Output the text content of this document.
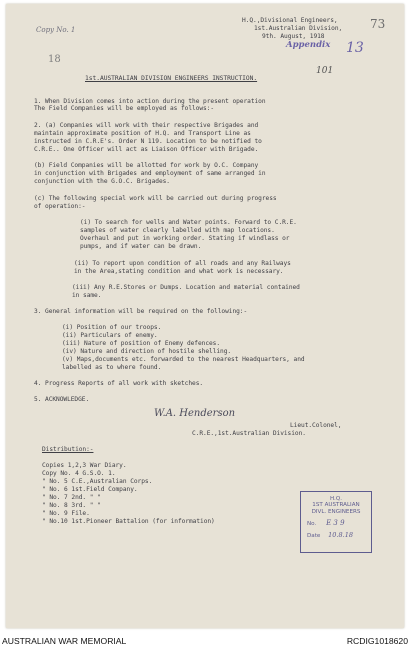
Copy No. 1	73
Appendix 13
18
101
H.Q.,Divisional Engineers,
1st.Australian Division,
9th. August, 1918
1st.AUSTRALIAN DIVISION ENGINEERS INSTRUCTION.
1. When Division comes into action during the present operation
The Field Companies will be employed as follows:-
2. (a) Companies will work with their respective Brigades and
maintain approximate position of H.Q. and Transport Line as
instructed in C.R.E's. Order N 119. Location to be notified to
C.R.E.. One Officer will act as Liaison Officer with Brigade.
(b) Field Companies will be allotted for work by O.C. Company
in conjunction with Brigades and employment of same arranged in
conjunction with the G.O.C. Brigades.
(c) The following special work will be carried out during progress
of operation:-
(i) To search for wells and Water points. Forward to C.R.E.
samples of water clearly labelled with map locations.
Overhaul and put in working order. Stating if windlass or
pumps, and if water can be drawn.
(ii) To report upon condition of all roads and any Railways
in the Area,stating condition and what work is necessary.
(iii) Any R.E.Stores or Dumps. Location and material contained
in same.
3. General information will be required on the following:-
(i) Position of our troops.
(ii) Particulars of enemy.
(iii) Nature of position of Enemy defences.
(iv) Nature and direction of hostile shelling.
(v) Maps,documents etc. forwarded to the nearest Headquarters, and
labelled as to where found.
4. Progress Reports of all work with sketches.
5. ACKNOWLEDGE.
W.A. Henderson
Lieut.Colonel,
C.R.E.,1st.Australian Division.
Distribution:-
Copies 1,2,3 War Diary.
Copy No. 4 G.S.O. 1.
" No. 5 C.E.,Australian Corps.
" No. 6 1st.Field Company.
" No. 7 2nd. " "
" No. 8 3rd. " "
" No. 9 File.
" No.10 1st.Pioneer Battalion (for information)
H.Q.
1ST AUSTRALIAN
DIVL. ENGINEERS
No. E 3 9
Date 10.8.18
AUSTRALIAN WAR MEMORIAL	RCDIG1018620
